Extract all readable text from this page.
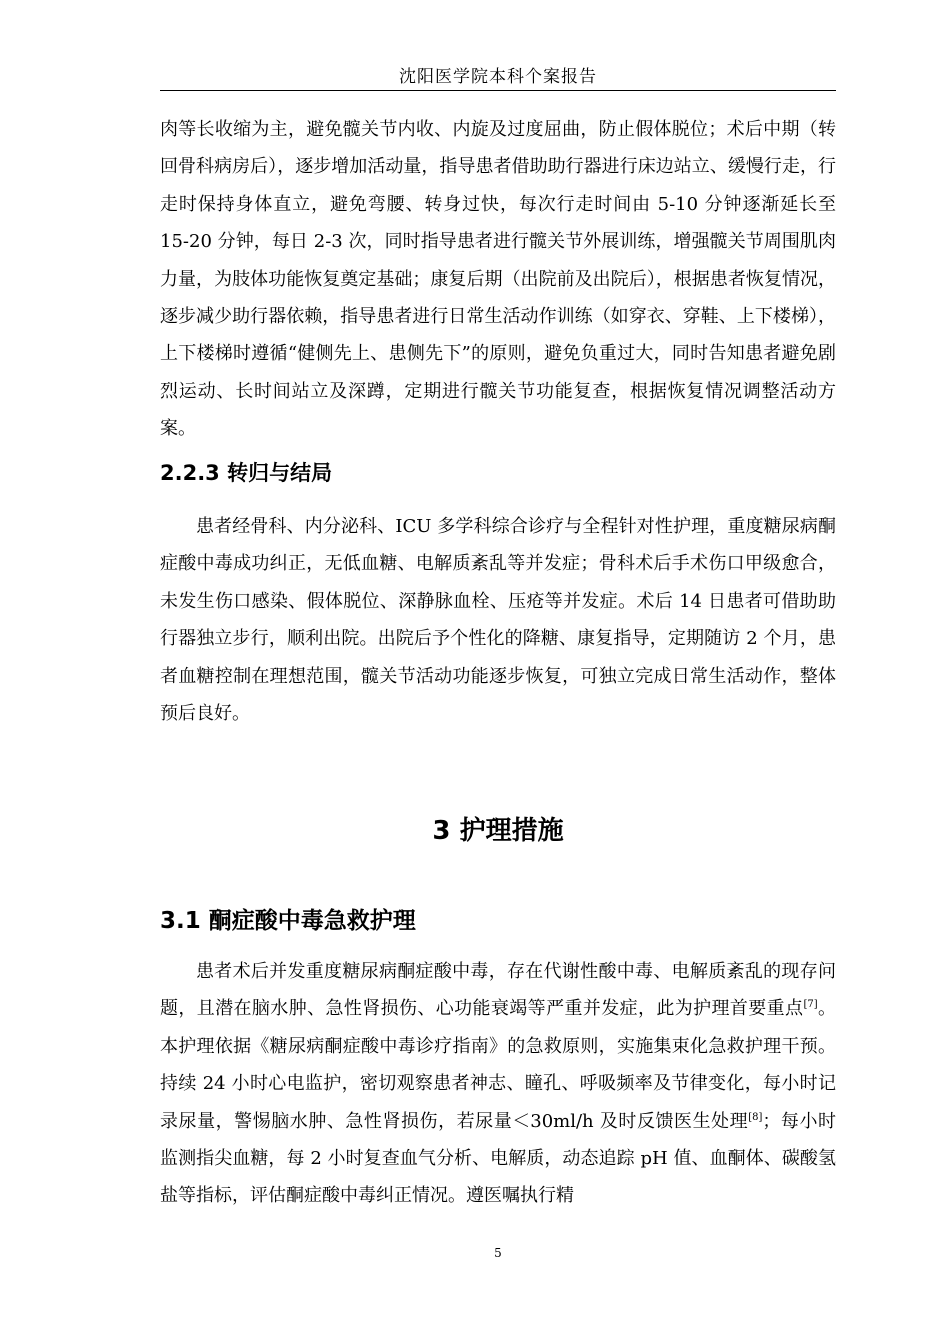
沈阳医学院本科个案报告

肉等长收缩为主，避免髋关节内收、内旋及过度屈曲，防止假体脱位；术后中期（转回骨科病房后），逐步增加活动量，指导患者借助助行器进行床边站立、缓慢行走，行走时保持身体直立，避免弯腰、转身过快，每次行走时间由 5-10 分钟逐渐延长至 15-20 分钟，每日 2-3 次，同时指导患者进行髋关节外展训练，增强髋关节周围肌肉力量，为肢体功能恢复奠定基础；康复后期（出院前及出院后），根据患者恢复情况，逐步减少助行器依赖，指导患者进行日常生活动作训练（如穿衣、穿鞋、上下楼梯），上下楼梯时遵循“健侧先上、患侧先下”的原则，避免负重过大，同时告知患者避免剧烈运动、长时间站立及深蹲，定期进行髋关节功能复查，根据恢复情况调整活动方案。

2.2.3 转归与结局

患者经骨科、内分泌科、ICU 多学科综合诊疗与全程针对性护理，重度糖尿病酮症酸中毒成功纠正，无低血糖、电解质紊乱等并发症；骨科术后手术伤口甲级愈合，未发生伤口感染、假体脱位、深静脉血栓、压疮等并发症。术后 14 日患者可借助助行器独立步行，顺利出院。出院后予个性化的降糖、康复指导，定期随访 2 个月，患者血糖控制在理想范围，髋关节活动功能逐步恢复，可独立完成日常生活动作，整体预后良好。

3 护理措施
3.1 酮症酸中毒急救护理

患者术后并发重度糖尿病酮症酸中毒，存在代谢性酸中毒、电解质紊乱的现存问题，且潜在脑水肿、急性肾损伤、心功能衰竭等严重并发症，此为护理首要重点[7]。本护理依据《糖尿病酮症酸中毒诊疗指南》的急救原则，实施集束化急救护理干预。持续 24 小时心电监护，密切观察患者神志、瞳孔、呼吸频率及节律变化，每小时记录尿量，警惕脑水肿、急性肾损伤，若尿量＜30ml/h 及时反馈医生处理[8]；每小时监测指尖血糖，每 2 小时复查血气分析、电解质，动态追踪 pH 值、血酮体、碳酸氢盐等指标，评估酮症酸中毒纠正情况。遵医嘱执行精

5
